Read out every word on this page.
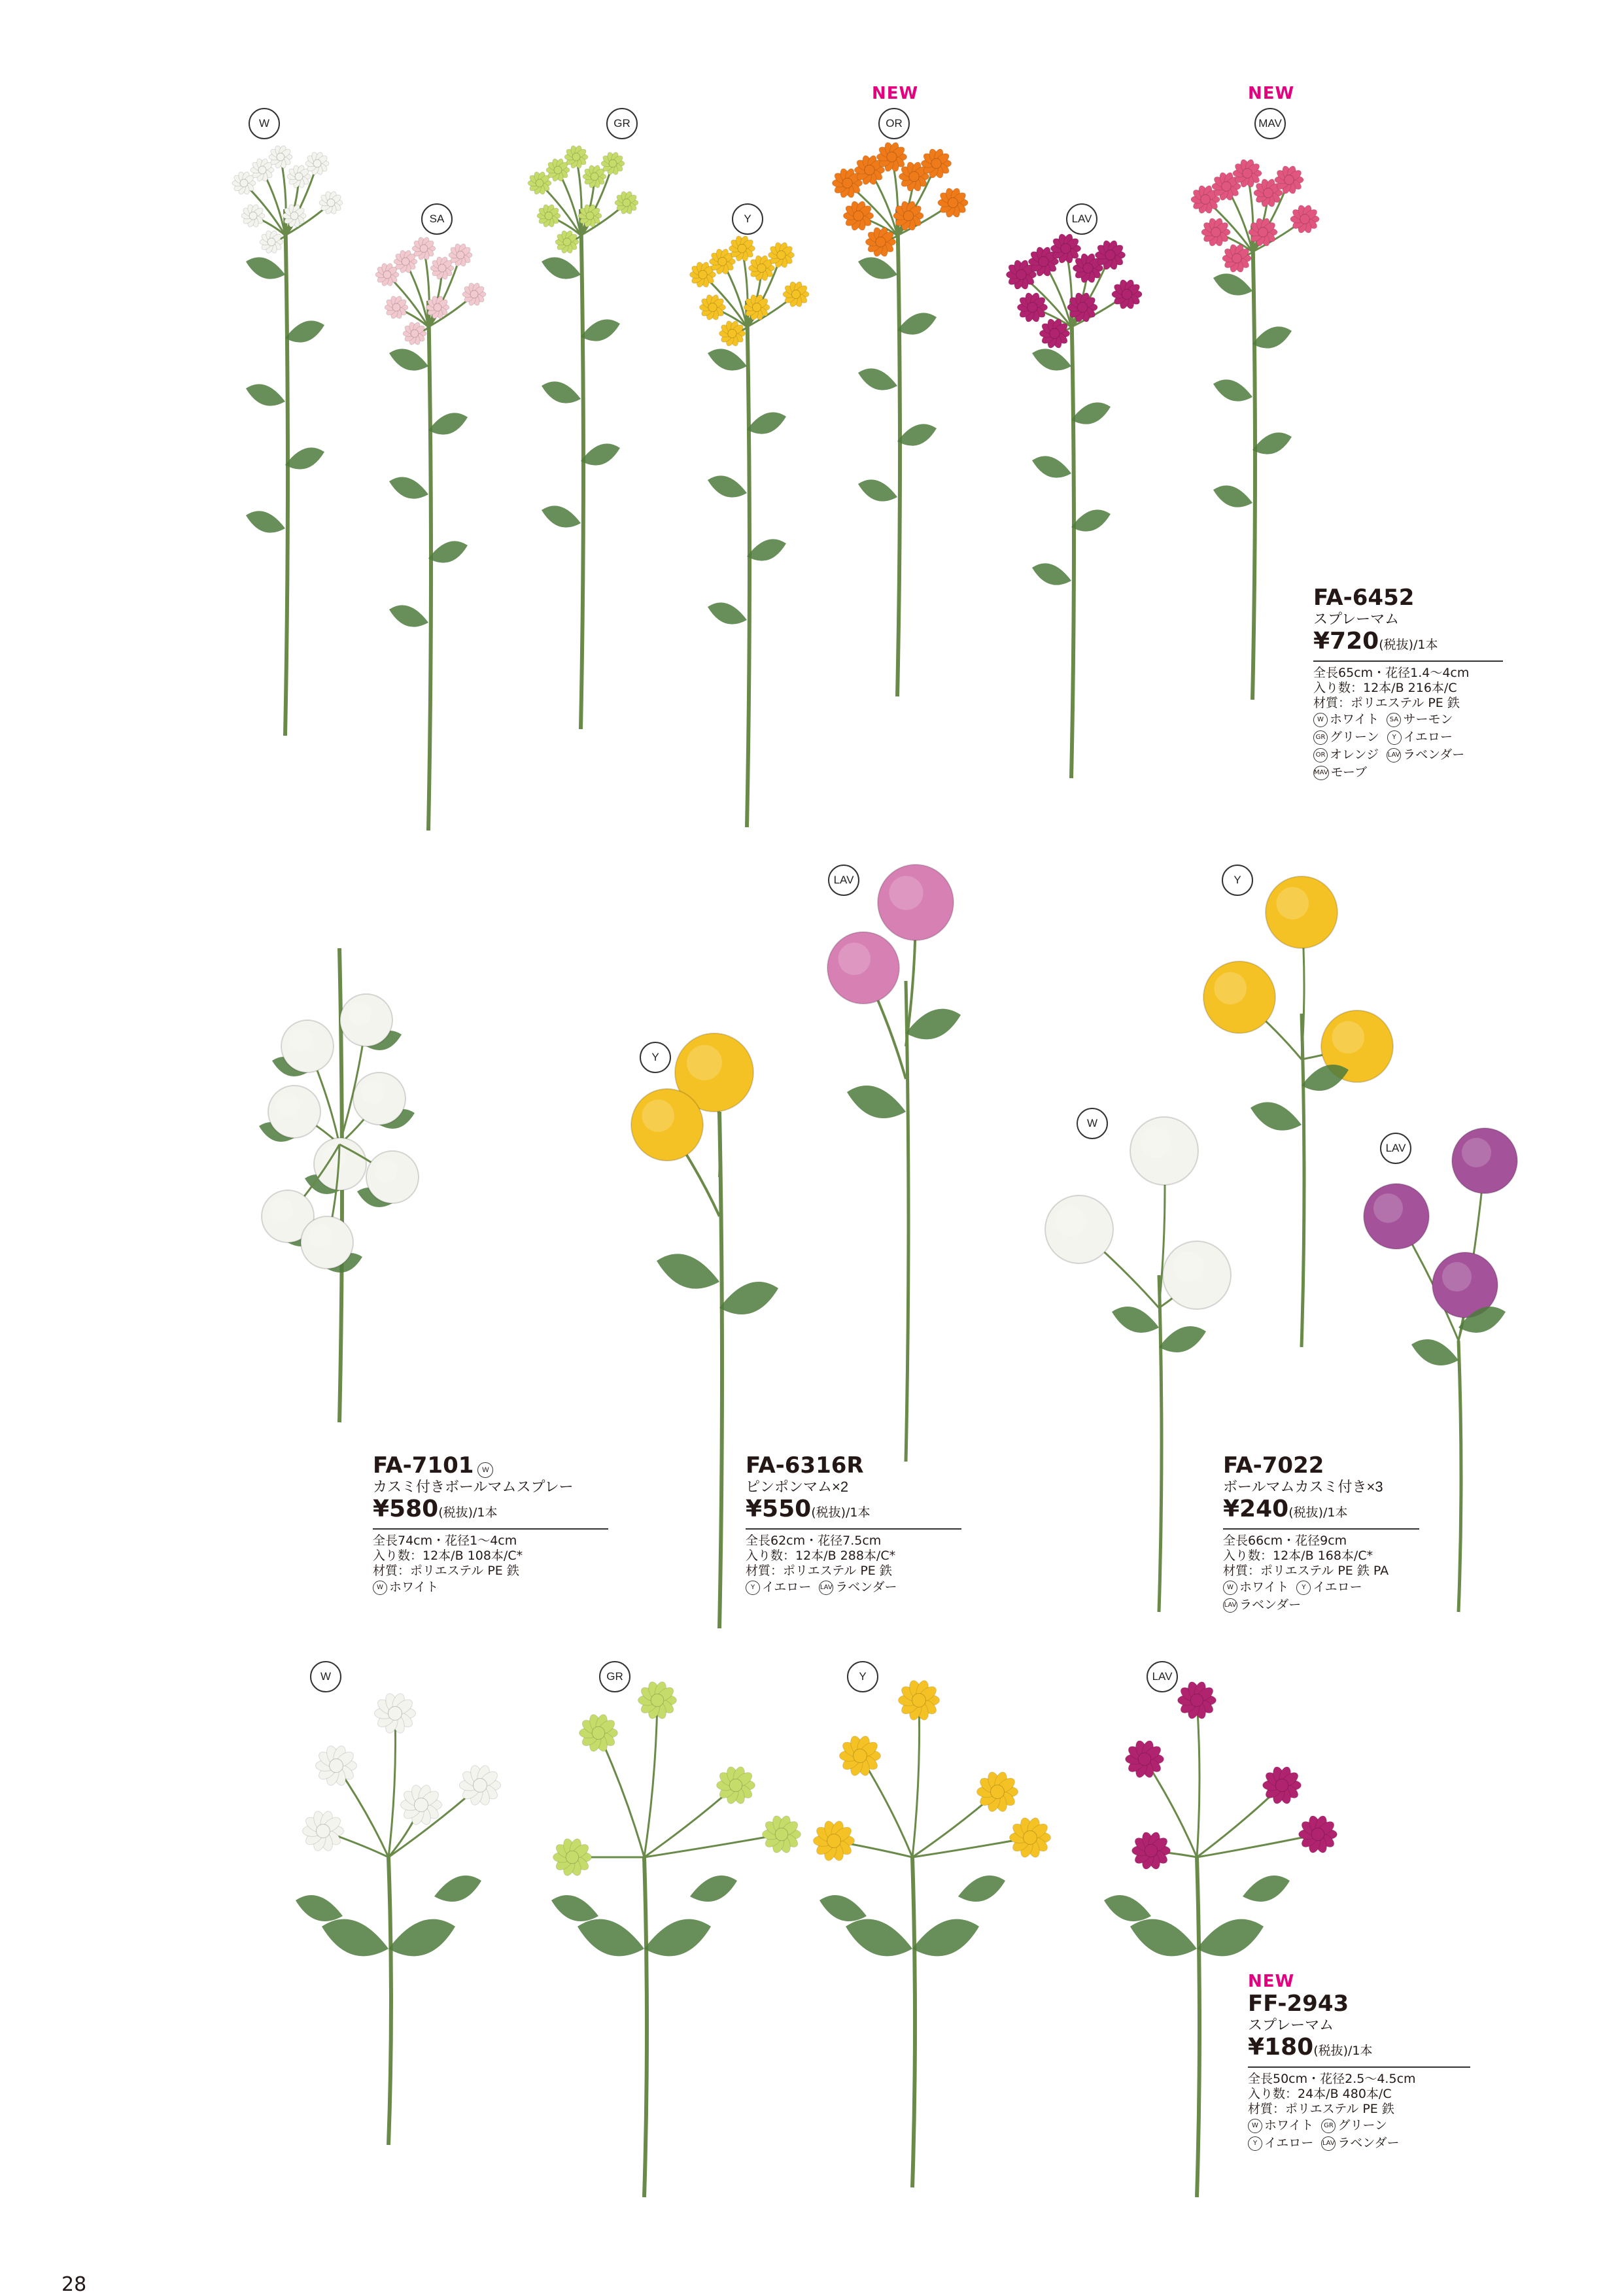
W
SA
GR
Y
NEW
OR
LAV
NEW
MAV
Y
LAV	Y
W
LAV
W	GR	Y	LAV
FA-6452
スプレーマム
¥720(税抜)/1本
全長65cm・花径1.4〜4cm
入り数：12本/B 216本/C
材質：ポリエステル PE 鉄
W ホワイト SA サーモン
GR グリーン Y イエロー
OR オレンジ LAV ラベンダー
MAV モーブ
FA-7101 W
カスミ付きボールマムスプレー
¥580(税抜)/1本
全長74cm・花径1〜4cm
入り数：12本/B 108本/C*
材質：ポリエステル PE 鉄
W ホワイト
FA-6316R
ピンポンマム×2
¥550(税抜)/1本
全長62cm・花径7.5cm
入り数：12本/B 288本/C*
材質：ポリエステル PE 鉄
Y イエロー LAV ラベンダー
FA-7022
ボールマムカスミ付き×3
¥240(税抜)/1本
全長66cm・花径9cm
入り数：12本/B 168本/C*
材質：ポリエステル PE 鉄 PA
W ホワイト Y イエロー
LAV ラベンダー
NEW
FF-2943
スプレーマム
¥180(税抜)/1本
全長50cm・花径2.5〜4.5cm
入り数：24本/B 480本/C
材質：ポリエステル PE 鉄
W ホワイト GR グリーン
Y イエロー LAV ラベンダー
28
